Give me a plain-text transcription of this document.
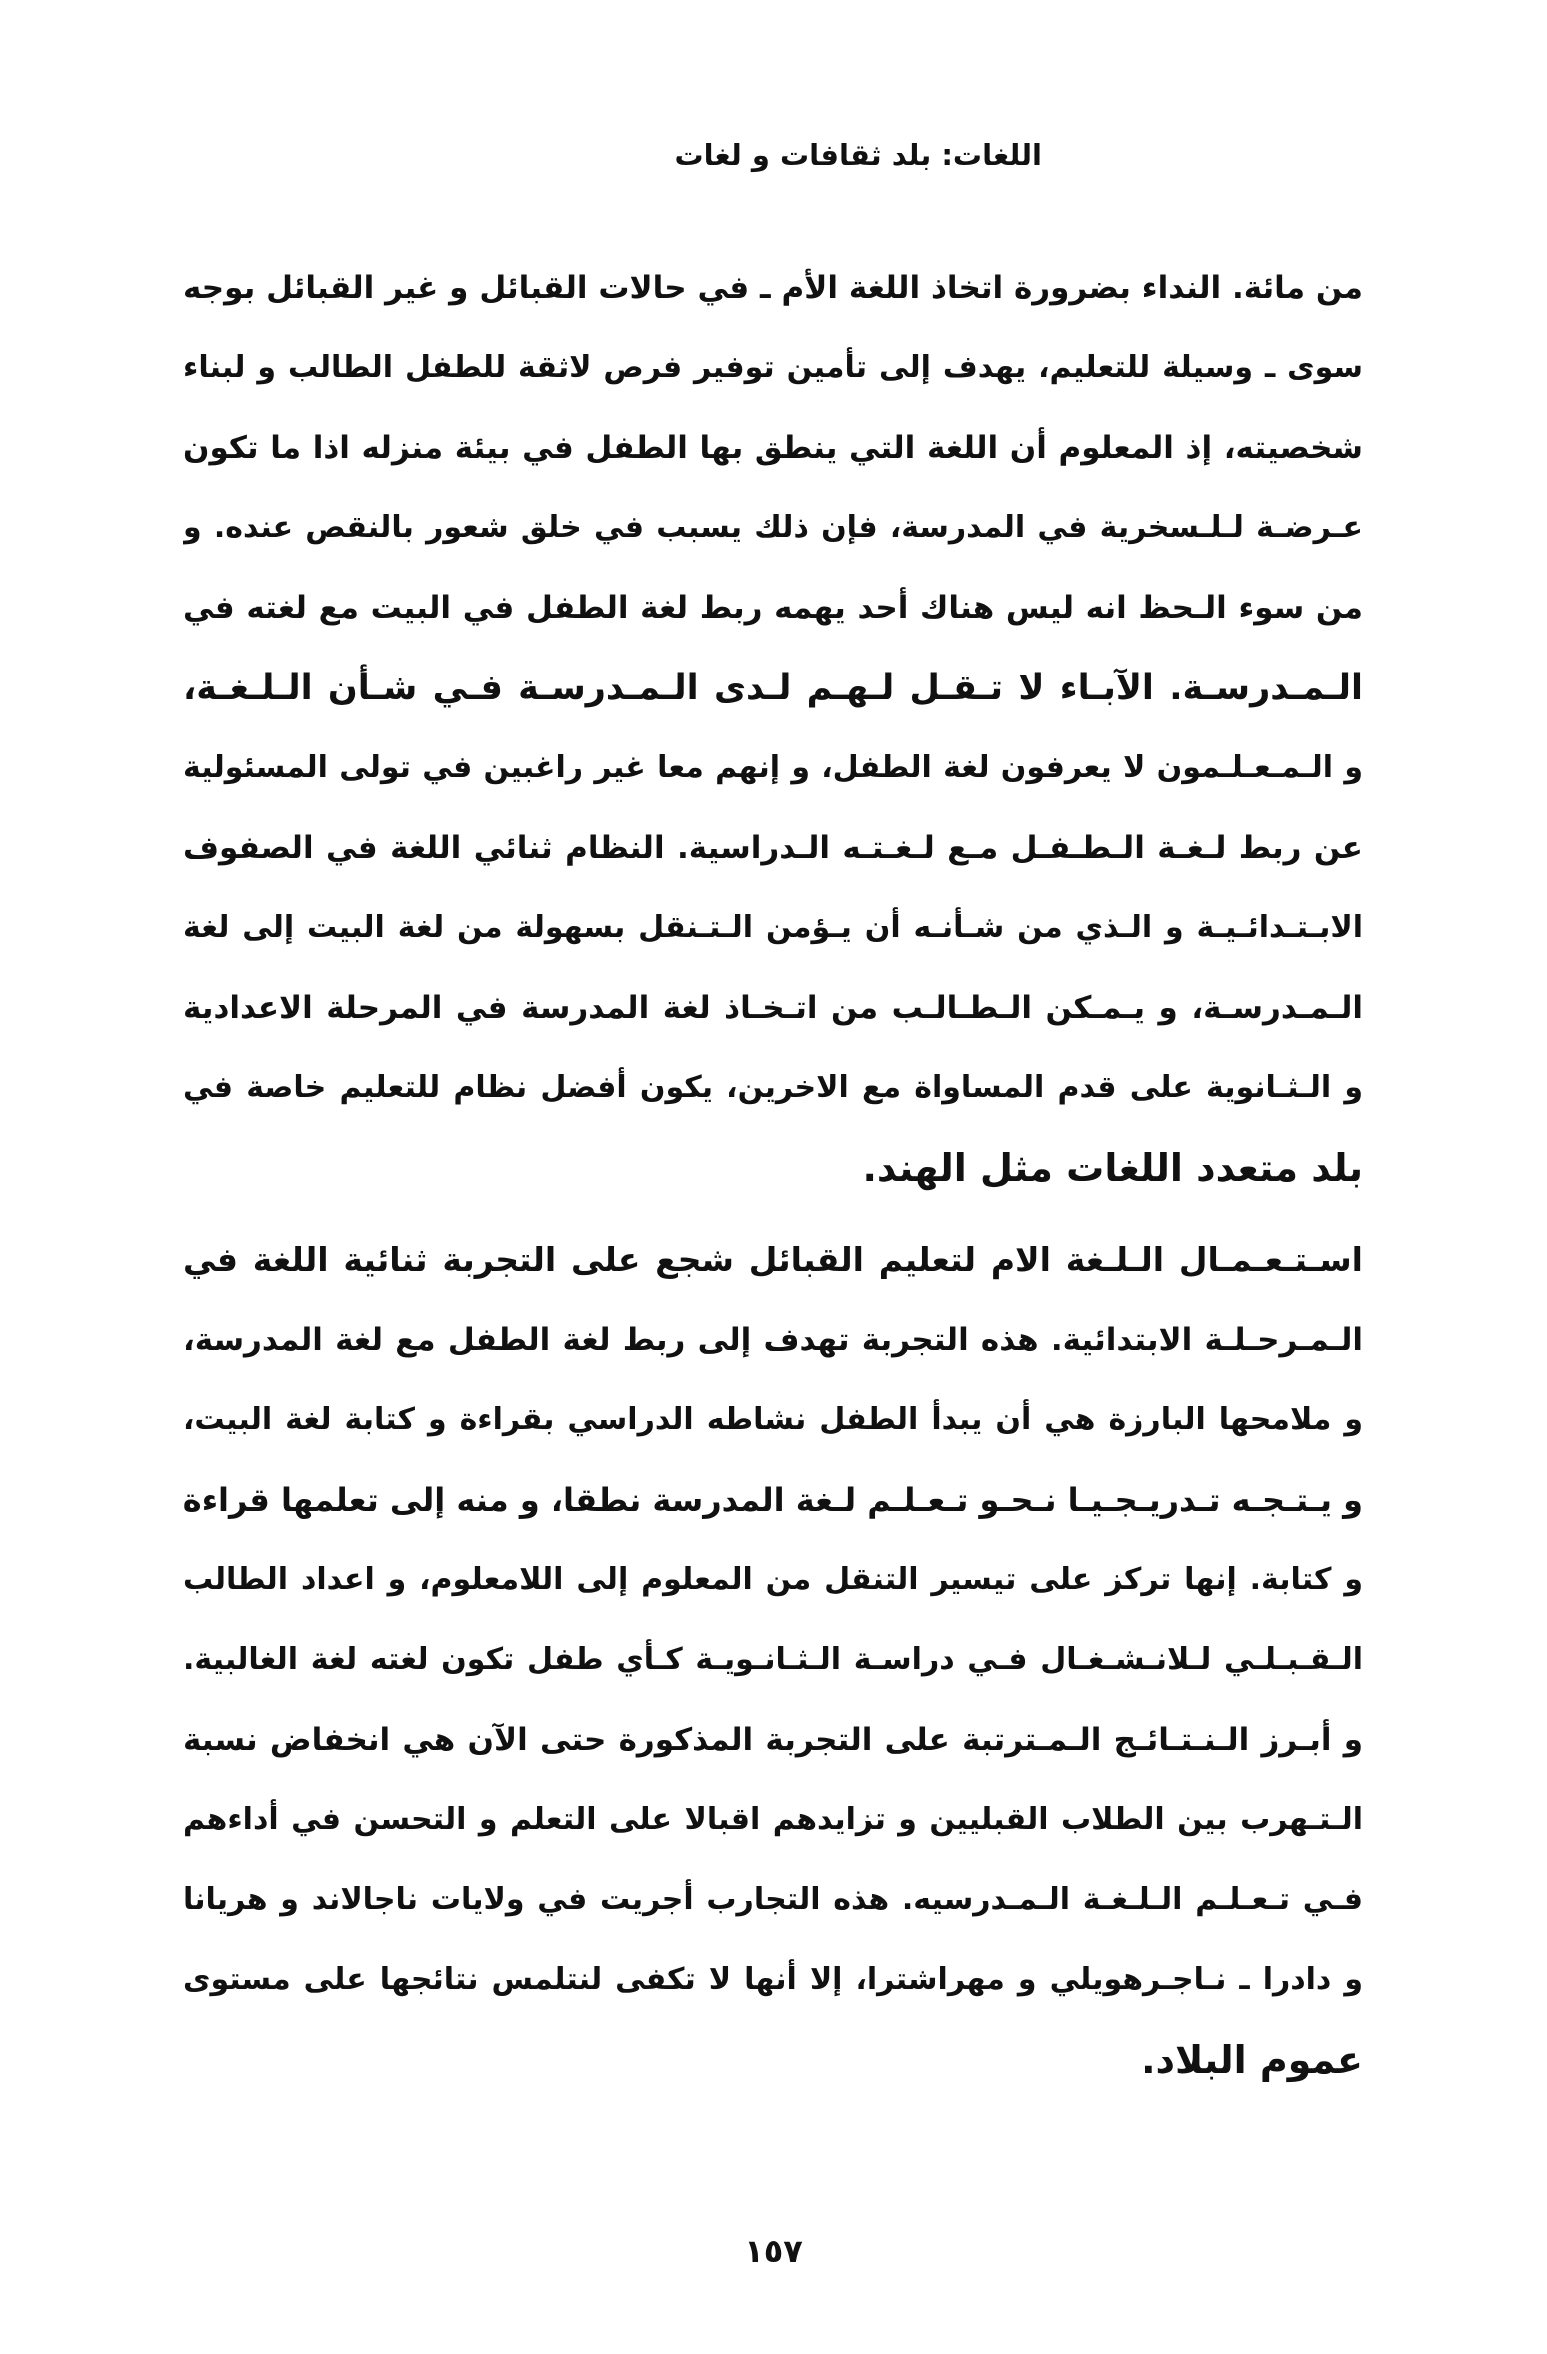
اللغات: بلد ثقافات و لغات
من مائة. النداء بضرورة اتخاذ اللغة الأم ـ في حالات القبائل و غير القبائل بوجه
سوى ـ وسيلة للتعليم، يهدف إلى تأمين توفير فرص لاثقة للطفل الطالب و لبناء
شخصيته، إذ المعلوم أن اللغة التي ينطق بها الطفل في بيئة منزله اذا ما تكون
عـرضـة لـلـسخرية في المدرسة، فإن ذلك يسبب في خلق شعور بالنقص عنده. و
من سوء الـحظ انه ليس هناك أحد يهمه ربط لغة الطفل في البيت مع لغته في
الـمـدرسـة. الآبـاء لا تـقـل لـهـم لـدى الـمـدرسـة فـي شـأن الـلـغـة،
و الـمـعـلـمون لا يعرفون لغة الطفل، و إنهم معا غير راغبين في تولى المسئولية
عن ربط لـغـة الـطـفـل مـع لـغـتـه الـدراسية. النظام ثنائي اللغة في الصفوف
الابـتـدائـيـة و الـذي من شـأنـه أن يـؤمن الـتـنقل بسهولة من لغة البيت إلى لغة
الـمـدرسـة، و يـمـكن الـطـالـب من اتـخـاذ لغة المدرسة في المرحلة الاعدادية
و الـثـانوية على قدم المساواة مع الاخرين، يكون أفضل نظام للتعليم خاصة في
بلد متعدد اللغات مثل الهند.
اسـتـعـمـال الـلـغة الام لتعليم القبائل شجع على التجربة ثنائية اللغة في
الـمـرحـلـة الابتدائية. هذه التجربة تهدف إلى ربط لغة الطفل مع لغة المدرسة،
و ملامحها البارزة هي أن يبدأ الطفل نشاطه الدراسي بقراءة و كتابة لغة البيت،
و يـتـجـه تـدريـجـيـا نـحـو تـعـلـم لـغة المدرسة نطقا، و منه إلى تعلمها قراءة
و كتابة. إنها تركز على تيسير التنقل من المعلوم إلى اللامعلوم، و اعداد الطالب
الـقـبـلـي لـلانـشـغـال فـي دراسـة الـثـانـويـة كـأي طفل تكون لغته لغة الغالبية.
و أبـرز الـنـتـائـج الـمـترتبة على التجربة المذكورة حتى الآن هي انخفاض نسبة
الـتـهرب بين الطلاب القبليين و تزايدهم اقبالا على التعلم و التحسن في أداءهم
فـي تـعـلـم الـلـغـة الـمـدرسيه. هذه التجارب أجريت في ولايات ناجالاند و هريانا
و دادرا ـ نـاجـرهويلي و مهراشترا، إلا أنها لا تكفى لنتلمس نتائجها على مستوى
عموم البلاد.
١٥٧
